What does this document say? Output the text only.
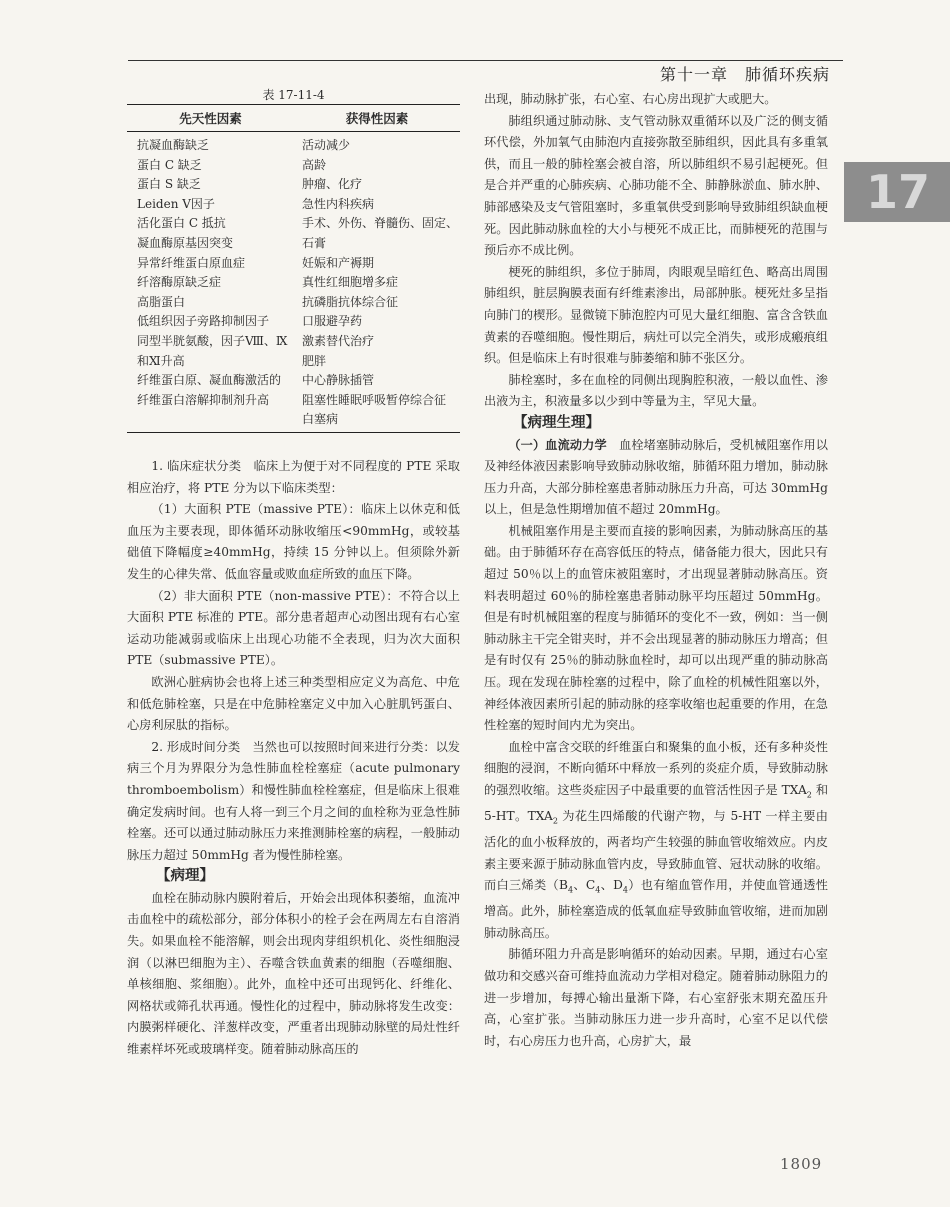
第十一章　肺循环疾病
17
表 17-11-4
先天性因素	获得性因素
抗凝血酶缺乏
蛋白 C 缺乏
蛋白 S 缺乏
Leiden Ⅴ因子
活化蛋白 C 抵抗
凝血酶原基因突变
异常纤维蛋白原血症
纤溶酶原缺乏症
高脂蛋白
低组织因子旁路抑制因子
同型半胱氨酸，因子Ⅷ、Ⅸ和Ⅺ升高
纤维蛋白原、凝血酶激活的纤维蛋白溶解抑制剂升高
活动减少
高龄
肿瘤、化疗
急性内科疾病
手术、外伤、脊髓伤、固定、石膏
妊娠和产褥期
真性红细胞增多症
抗磷脂抗体综合征
口服避孕药
激素替代治疗
肥胖
中心静脉插管
阻塞性睡眠呼吸暂停综合征
白塞病

1. 临床症状分类　临床上为便于对不同程度的 PTE 采取相应治疗，将 PTE 分为以下临床类型：

（1）大面积 PTE（massive PTE）：临床上以休克和低血压为主要表现，即体循环动脉收缩压<90mmHg，或较基础值下降幅度≥40mmHg，持续 15 分钟以上。但须除外新发生的心律失常、低血容量或败血症所致的血压下降。

（2）非大面积 PTE（non-massive PTE）：不符合以上大面积 PTE 标准的 PTE。部分患者超声心动图出现有右心室运动功能减弱或临床上出现心功能不全表现，归为次大面积 PTE（submassive PTE）。

欧洲心脏病协会也将上述三种类型相应定义为高危、中危和低危肺栓塞，只是在中危肺栓塞定义中加入心脏肌钙蛋白、心房利尿肽的指标。

2. 形成时间分类　当然也可以按照时间来进行分类：以发病三个月为界限分为急性肺血栓栓塞症（acute pulmonary thromboembolism）和慢性肺血栓栓塞症，但是临床上很难确定发病时间。也有人将一到三个月之间的血栓称为亚急性肺栓塞。还可以通过肺动脉压力来推测肺栓塞的病程，一般肺动脉压力超过 50mmHg 者为慢性肺栓塞。

【病理】

血栓在肺动脉内膜附着后，开始会出现体积萎缩，血流冲击血栓中的疏松部分，部分体积小的栓子会在两周左右自溶消失。如果血栓不能溶解，则会出现肉芽组织机化、炎性细胞浸润（以淋巴细胞为主）、吞噬含铁血黄素的细胞（吞噬细胞、单核细胞、浆细胞）。此外，血栓中还可出现钙化、纤维化、网格状或筛孔状再通。慢性化的过程中，肺动脉将发生改变：内膜粥样硬化、洋葱样改变，严重者出现肺动脉壁的局灶性纤维素样坏死或玻璃样变。随着肺动脉高压的

出现，肺动脉扩张，右心室、右心房出现扩大或肥大。

肺组织通过肺动脉、支气管动脉双重循环以及广泛的侧支循环代偿，外加氧气由肺泡内直接弥散至肺组织，因此具有多重氧供，而且一般的肺栓塞会被自溶，所以肺组织不易引起梗死。但是合并严重的心肺疾病、心肺功能不全、肺静脉淤血、肺水肿、肺部感染及支气管阻塞时，多重氧供受到影响导致肺组织缺血梗死。因此肺动脉血栓的大小与梗死不成正比，而肺梗死的范围与预后亦不成比例。

梗死的肺组织，多位于肺周，肉眼观呈暗红色、略高出周围肺组织，脏层胸膜表面有纤维素渗出，局部肿胀。梗死灶多呈指向肺门的楔形。显微镜下肺泡腔内可见大量红细胞、富含含铁血黄素的吞噬细胞。慢性期后，病灶可以完全消失，或形成瘢痕组织。但是临床上有时很难与肺萎缩和肺不张区分。

肺栓塞时，多在血栓的同侧出现胸腔积液，一般以血性、渗出液为主，积液量多以少到中等量为主，罕见大量。

【病理生理】

（一）血流动力学　 血栓堵塞肺动脉后，受机械阻塞作用以及神经体液因素影响导致肺动脉收缩，肺循环阻力增加，肺动脉压力升高，大部分肺栓塞患者肺动脉压力升高，可达 30mmHg 以上，但是急性期增加值不超过 20mmHg。

机械阻塞作用是主要而直接的影响因素，为肺动脉高压的基础。由于肺循环存在高容低压的特点，储备能力很大，因此只有超过 50％以上的血管床被阻塞时，才出现显著肺动脉高压。资料表明超过 60％的肺栓塞患者肺动脉平均压超过 50mmHg。但是有时机械阻塞的程度与肺循环的变化不一致，例如：当一侧肺动脉主干完全钳夹时，并不会出现显著的肺动脉压力增高；但是有时仅有 25％的肺动脉血栓时，却可以出现严重的肺动脉高压。现在发现在肺栓塞的过程中，除了血栓的机械性阻塞以外，神经体液因素所引起的肺动脉的痉挛收缩也起重要的作用，在急性栓塞的短时间内尤为突出。

血栓中富含交联的纤维蛋白和聚集的血小板，还有多种炎性细胞的浸润，不断向循环中释放一系列的炎症介质，导致肺动脉的强烈收缩。这些炎症因子中最重要的血管活性因子是 $TXA_2$ 和 5-HT。$TXA_2$ 为花生四烯酸的代谢产物，与 5-HT 一样主要由活化的血小板释放的，两者均产生较强的肺血管收缩效应。内皮素主要来源于肺动脉血管内皮，导致肺血管、冠状动脉的收缩。而白三烯类（$B_4$、$C_4$、$D_4$）也有缩血管作用，并使血管通透性增高。此外，肺栓塞造成的低氧血症导致肺血管收缩，进而加剧肺动脉高压。

肺循环阻力升高是影响循环的始动因素。早期，通过右心室做功和交感兴奋可维持血流动力学相对稳定。随着肺动脉阻力的进一步增加，每搏心输出量渐下降，右心室舒张末期充盈压升高，心室扩张。当肺动脉压力进一步升高时，心室不足以代偿时，右心房压力也升高，心房扩大，最

1809
